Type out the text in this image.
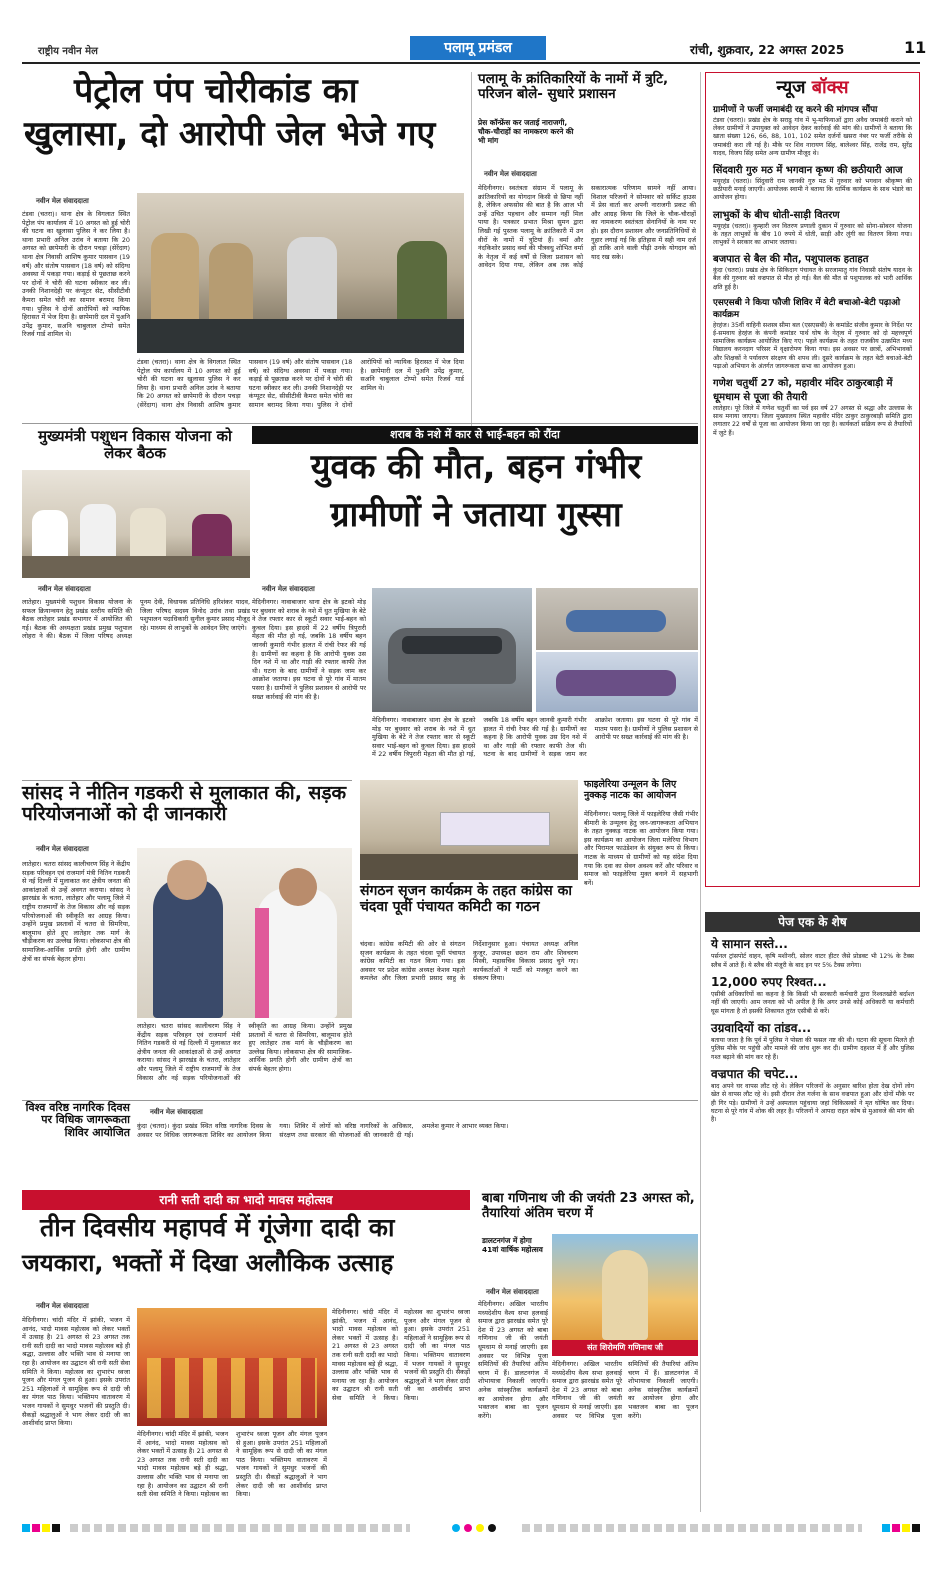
राष्ट्रीय नवीन मेल	पलामू प्रमंडल	रांची, शुक्रवार, 22 अगस्त 2025	11
पेट्रोल पंप चोरीकांड का
खुलासा, दो आरोपी जेल भेजे गए
नवीन मेल संवाददाता
टंडवा (चतरा)। थाना क्षेत्र के विगलात स्थित पेट्रोल पंप कार्यालय में 10 अगस्त को हुई चोरी की घटना का खुलासा पुलिस ने कर लिया है। थाना प्रभारी अनिल उरांव ने बताया कि 20 अगस्त को छापेमारी के दौरान पचड़ा (सेरेंदाग) थाना क्षेत्र निवासी आशिष कुमार पासवान (19 वर्ष) और संतोष पासवान (18 वर्ष) को संदिग्ध अवस्था में पकड़ा गया। कड़ाई से पूछताछ करने पर दोनों ने चोरी की घटना स्वीकार कर ली। उनकी निशानदेही पर कंप्यूटर सेट, सीसीटीवी कैमरा समेत चोरी का सामान बरामद किया गया। पुलिस ने दोनों आरोपियों को न्यायिक हिरासत में भेज दिया है। छापेमारी दल में पुअनि उपेंद्र कुमार, सअनि चाबुलाल टोप्पो समेत रिजर्व गार्ड शामिल थे।
टंडवा (चतरा)। थाना क्षेत्र के विगलात स्थित पेट्रोल पंप कार्यालय में 10 अगस्त को हुई चोरी की घटना का खुलासा पुलिस ने कर लिया है। थाना प्रभारी अनिल उरांव ने बताया कि 20 अगस्त को छापेमारी के दौरान पचड़ा (सेरेंदाग) थाना क्षेत्र निवासी आशिष कुमार पासवान (19 वर्ष) और संतोष पासवान (18 वर्ष) को संदिग्ध अवस्था में पकड़ा गया। कड़ाई से पूछताछ करने पर दोनों ने चोरी की घटना स्वीकार कर ली। उनकी निशानदेही पर कंप्यूटर सेट, सीसीटीवी कैमरा समेत चोरी का सामान बरामद किया गया। पुलिस ने दोनों आरोपियों को न्यायिक हिरासत में भेज दिया है। छापेमारी दल में पुअनि उपेंद्र कुमार, सअनि चाबुलाल टोप्पो समेत रिजर्व गार्ड शामिल थे।
पलामू के क्रांतिकारियों के नामों में त्रुटि, परिजन बोले- सुधारे प्रशासन
प्रेस कॉन्फ्रेंस कर जताई नाराजगी, चौक-चौराहों का नामकरण करने की भी मांग
नवीन मेल संवाददाता
मेदिनीनगर। स्वतंत्रता संग्राम में पलामू के क्रांतिकारियों का योगदान किसी से छिपा नहीं है, लेकिन अफसोस की बात है कि आज भी उन्हें उचित पहचान और सम्मान नहीं मिल पाया है। पत्रकार प्रभात मिश्रा सुमन द्वारा लिखी गई पुस्तक पलामू के क्रांतिकारी में उन वीरों के नामों में त्रुटियां हैं। वर्मा और नंदकिशोर प्रसाद वर्मा की पौत्रवधु शोभित वर्मा के नेतृत्व में कई वर्षों से जिला प्रशासन को आवेदन दिया गया, लेकिन अब तक कोई सकारात्मक परिणाम सामने नहीं आया। विशाल परिजनों ने सोमवार को सर्किट हाउस में प्रेस वार्ता कर अपनी नाराजगी प्रकट की और आग्रह किया कि जिले के चौक-चौराहों का नामकरण स्वतंत्रता सेनानियों के नाम पर हो। इस दौरान प्रशासन और जनप्रतिनिधियों से गुहार लगाई गई कि इतिहास में सही नाम दर्ज हों ताकि आने वाली पीढ़ी उनके योगदान को याद रख सके।
न्यूज बॉक्स
ग्रामीणों ने फर्जी जमाबंदी रद्द करने की मांगपत्र सौंपा
टंडवा (चतरा)। प्रखंड क्षेत्र के सराढु गांव में भू-माफियाओं द्वारा अवैध जमाबंदी कराने को लेकर ग्रामीणों ने उपायुक्त को आवेदन देकर कार्रवाई की मांग की। ग्रामीणों ने बताया कि खाता संख्या 126, 66, 88, 101, 102 समेत दर्जनों खसरा नंबर पर फर्जी तरीके से जमाबंदी करा ली गई है। मौके पर शिव नारायण सिंह, बालेश्वर सिंह, राजेंद्र राम, सुरेंद्र यादव, विजय सिंह समेत अन्य ग्रामीण मौजूद थे।
सिंदवारी गुरु मठ में भगवान कृष्ण की छठीयारी आज
मयूरहंड (चतरा)। सिंदुवारी राम जानकी गुरु मठ में गुरुवार को भगवान श्रीकृष्ण की छठीयारी मनाई जाएगी। आयोजक स्वामी ने बताया कि धार्मिक कार्यक्रम के साथ भंडारे का आयोजन होगा।
लाभुकों के बीच धोती-साड़ी वितरण
मयूरहंड (चतरा)। कुम्हारी जन वितरण प्रणाली दुकान में गुरुवार को सोना-सोबरन योजना के तहत लाभुकों के बीच 10 रुपये में धोती, साड़ी और लुंगी का वितरण किया गया। लाभुकों ने सरकार का आभार जताया।
बजपात से बैल की मौत, पशुपालक हताहत
कुंदा (चतरा)। प्रखंड क्षेत्र के सिकिदाग पंचायत के सरजामातु गांव निवासी संतोष यादव के बैल की गुरुवार को वज्रपात से मौत हो गई। बैल की मौत से पशुपालक को भारी आर्थिक क्षति हुई है।
एसएसबी ने किया फौजी शिविर में बेटी बचाओ-बेटी पढ़ाओ कार्यक्रम
हेरहंज। 35वीं वाहिनी सशस्त्र सीमा बल (एसएसबी) के कमांडेंट संजीव कुमार के निर्देश पर ई-समवाय हेरहंज के कंपनी कमांडर पार्थ घोष के नेतृत्व में गुरुवार को दो महत्त्वपूर्ण सामाजिक कार्यक्रम आयोजित किए गए। पहले कार्यक्रम के तहत राजकीय उत्क्रमित मध्य विद्यालय करनदाग परिसर में वृक्षारोपण किया गया। इस अवसर पर छात्रों, अभिभावकों और शिक्षकों ने पर्यावरण संरक्षण की शपथ ली। दूसरे कार्यक्रम के तहत बेटी बचाओ-बेटी पढ़ाओ अभियान के अंतर्गत जागरूकता सभा का आयोजन हुआ।
गणेश चतुर्थी 27 को, महावीर मंदिर ठाकुरबाड़ी में धूमधाम से पूजा की तैयारी
लातेहार। पूरे जिले में गणेश चतुर्थी का पर्व इस वर्ष 27 अगस्त से श्रद्धा और उल्लास के साथ मनाया जाएगा। जिला मुख्यालय स्थित महावीर मंदिर ठाकुर ठाकुरबाड़ी समिति द्वारा लगातार 22 वर्षों से पूजा का आयोजन किया जा रहा है। कार्यकर्ता सक्रिय रूप से तैयारियों में जुटे हैं।
मुख्यमंत्री पशुधन विकास योजना को लेकर बैठक
नवीन मेल संवाददाता
लातेहार। मुख्यमंत्री पशुधन विकास योजना के सफल क्रियान्वयन हेतु प्रखंड स्तरीय समिति की बैठक लातेहार प्रखंड सभागार में आयोजित की गई। बैठक की अध्यक्षता प्रखंड प्रमुख पशुपाल लोहरा ने की। बैठक में जिला परिषद अध्यक्ष पूनम देवी, विधायक प्रतिनिधि हरिशंकर यादव, जिला परिषद सदस्य विनोद उरांव तथा प्रखंड पशुपालन पदाधिकारी सुनील कुमार प्रसाद मौजूद रहे। माध्यम से लाभुकों के आवेदन लिए जाएंगे।
शराब के नशे में कार से भाई-बहन को रौंदा
युवक की मौत, बहन गंभीर
ग्रामीणों ने जताया गुस्सा
नवीन मेल संवाददाता
मेदिनीनगर। नावाबाजार थाना क्षेत्र के इटको मोड़ पर बुधवार को शराब के नशे में धुत मुखिया के बेटे ने तेज रफ्तार कार से स्कूटी सवार भाई-बहन को कुचल दिया। इस हादसे में 22 वर्षीय त्रिपुरारी मेहता की मौत हो गई, जबकि 18 वर्षीय बहन जानवी कुमारी गंभीर हालत में रांची रेफर की गई है। ग्रामीणों का कहना है कि आरोपी युवक उस दिन नशे में था और गाड़ी की रफ्तार काफी तेज थी। घटना के बाद ग्रामीणों ने सड़क जाम कर आक्रोश जताया। इस घटना से पूरे गांव में मातम पसरा है। ग्रामीणों ने पुलिस प्रशासन से आरोपी पर सख्त कार्रवाई की मांग की है।
मेदिनीनगर। नावाबाजार थाना क्षेत्र के इटको मोड़ पर बुधवार को शराब के नशे में धुत मुखिया के बेटे ने तेज रफ्तार कार से स्कूटी सवार भाई-बहन को कुचल दिया। इस हादसे में 22 वर्षीय त्रिपुरारी मेहता की मौत हो गई, जबकि 18 वर्षीय बहन जानवी कुमारी गंभीर हालत में रांची रेफर की गई है। ग्रामीणों का कहना है कि आरोपी युवक उस दिन नशे में था और गाड़ी की रफ्तार काफी तेज थी। घटना के बाद ग्रामीणों ने सड़क जाम कर आक्रोश जताया। इस घटना से पूरे गांव में मातम पसरा है। ग्रामीणों ने पुलिस प्रशासन से आरोपी पर सख्त कार्रवाई की मांग की है।
सांसद ने नीतिन गडकरी से मुलाकात की, सड़क परियोजनाओं को दी जानकारी
नवीन मेल संवाददाता
लातेहार। चतरा सांसद कालीचरण सिंह ने केंद्रीय सड़क परिवहन एवं राजमार्ग मंत्री नितिन गडकरी से नई दिल्ली में मुलाकात कर क्षेत्रीय जनता की आकांक्षाओं से उन्हें अवगत कराया। सांसद ने झारखंड के चतरा, लातेहार और पलामू जिले में राष्ट्रीय राजमार्गों के तेज विकास और नई सड़क परियोजनाओं की स्वीकृति का आग्रह किया। उन्होंने प्रमुख प्रस्तावों में चतरा से सिमरिया, बालूमाथ होते हुए लातेहार तक मार्ग के चौड़ीकरण का उल्लेख किया। लोकसभा क्षेत्र की सामाजिक-आर्थिक प्रगति होगी और ग्रामीण क्षेत्रों का संपर्क बेहतर होगा।
लातेहार। चतरा सांसद कालीचरण सिंह ने केंद्रीय सड़क परिवहन एवं राजमार्ग मंत्री नितिन गडकरी से नई दिल्ली में मुलाकात कर क्षेत्रीय जनता की आकांक्षाओं से उन्हें अवगत कराया। सांसद ने झारखंड के चतरा, लातेहार और पलामू जिले में राष्ट्रीय राजमार्गों के तेज विकास और नई सड़क परियोजनाओं की स्वीकृति का आग्रह किया। उन्होंने प्रमुख प्रस्तावों में चतरा से सिमरिया, बालूमाथ होते हुए लातेहार तक मार्ग के चौड़ीकरण का उल्लेख किया। लोकसभा क्षेत्र की सामाजिक-आर्थिक प्रगति होगी और ग्रामीण क्षेत्रों का संपर्क बेहतर होगा।
संगठन सृजन कार्यक्रम के तहत कांग्रेस का चंदवा पूर्वी पंचायत कमिटी का गठन
चंदवा। कांग्रेस कमिटी की ओर से संगठन सृजन कार्यक्रम के तहत चंदवा पूर्वी पंचायत कांग्रेस कमिटी का गठन किया गया। इस अवसर पर प्रदेश कांग्रेस अध्यक्ष केशव महतो कमलेश और जिला प्रभारी प्रसाद साहु के निर्देशानुसार हुआ। पंचायत अध्यक्ष अनिल कुजूर, उपाध्यक्ष छठन राम और शिवचरण मिस्त्री, महासचिव विकास प्रसाद चुने गए। कार्यकर्ताओं ने पार्टी को मजबूत करने का संकल्प लिया।
फाइलेरिया उन्मूलन के लिए नुक्कड़ नाटक का आयोजन
मेदिनीनगर। पलामू जिले में फाइलेरिया जैसी गंभीर बीमारी के उन्मूलन हेतु जन-जागरूकता अभियान के तहत नुक्कड़ नाटक का आयोजन किया गया। इस कार्यक्रम का आयोजन जिला मलेरिया विभाग और पिरामल फाउंडेशन के संयुक्त रूप से किया। नाटक के माध्यम से ग्रामीणों को यह संदेश दिया गया कि दवा का सेवन अवश्य करें और परिवार व समाज को फाइलेरिया मुक्त बनाने में सहभागी बनें।
विश्व वरिष्ठ नागरिक दिवस पर विधिक जागरूकता शिविर आयोजित
नवीन मेल संवाददाता
कुंदा (चतरा)। कुंदा प्रखंड स्थित वरिष्ठ नागरिक दिवस के अवसर पर विधिक जागरूकता शिविर का आयोजन किया गया। शिविर में लोगों को वरिष्ठ नागरिकों के अधिकार, संरक्षण तथा सरकार की योजनाओं की जानकारी दी गई। अमलेश कुमार ने आभार व्यक्त किया।
रानी सती दादी का भादो मावस महोत्सव
तीन दिवसीय महापर्व में गूंजेगा दादी का
जयकारा, भक्तों में दिखा अलौकिक उत्साह
नवीन मेल संवाददाता
मेदिनीनगर। चांदी मंदिर में झांकी, भजन में आनंद, भादो मावस महोत्सव को लेकर भक्तों में उत्साह है। 21 अगस्त से 23 अगस्त तक रानी सती दादी का भादो मावस महोत्सव बड़े ही श्रद्धा, उल्लास और भक्ति भाव से मनाया जा रहा है। आयोजन का उद्घाटन श्री रानी सती सेवा समिति ने किया। महोत्सव का शुभारंभ ध्वजा पूजन और मंगल पूजन से हुआ। इसके उपरांत 251 महिलाओं ने सामूहिक रूप से दादी जी का मंगल पाठ किया। भक्तिमय वातावरण में भजन गायकों ने सुमधुर भजनों की प्रस्तुति दी। सैकड़ों श्रद्धालुओं ने भाग लेकर दादी जी का आशीर्वाद प्राप्त किया।
मेदिनीनगर। चांदी मंदिर में झांकी, भजन में आनंद, भादो मावस महोत्सव को लेकर भक्तों में उत्साह है। 21 अगस्त से 23 अगस्त तक रानी सती दादी का भादो मावस महोत्सव बड़े ही श्रद्धा, उल्लास और भक्ति भाव से मनाया जा रहा है। आयोजन का उद्घाटन श्री रानी सती सेवा समिति ने किया। महोत्सव का शुभारंभ ध्वजा पूजन और मंगल पूजन से हुआ। इसके उपरांत 251 महिलाओं ने सामूहिक रूप से दादी जी का मंगल पाठ किया। भक्तिमय वातावरण में भजन गायकों ने सुमधुर भजनों की प्रस्तुति दी। सैकड़ों श्रद्धालुओं ने भाग लेकर दादी जी का आशीर्वाद प्राप्त किया।
मेदिनीनगर। चांदी मंदिर में झांकी, भजन में आनंद, भादो मावस महोत्सव को लेकर भक्तों में उत्साह है। 21 अगस्त से 23 अगस्त तक रानी सती दादी का भादो मावस महोत्सव बड़े ही श्रद्धा, उल्लास और भक्ति भाव से मनाया जा रहा है। आयोजन का उद्घाटन श्री रानी सती सेवा समिति ने किया। महोत्सव का शुभारंभ ध्वजा पूजन और मंगल पूजन से हुआ। इसके उपरांत 251 महिलाओं ने सामूहिक रूप से दादी जी का मंगल पाठ किया। भक्तिमय वातावरण में भजन गायकों ने सुमधुर भजनों की प्रस्तुति दी। सैकड़ों श्रद्धालुओं ने भाग लेकर दादी जी का आशीर्वाद प्राप्त किया।
बाबा गणिनाथ जी की जयंती 23 अगस्त को, तैयारियां अंतिम चरण में
डालटनगंज में होगा 41वां वार्षिक महोत्सव
नवीन मेल संवाददाता
संत शिरोमणि गणिनाथ जी
मेदिनीनगर। अखिल भारतीय मध्यदेशीय वैश्य सभा हलवाई समाज द्वारा झारखंड समेत पूरे देश में 23 अगस्त को बाबा गणिनाथ जी की जयंती धूमधाम से मनाई जाएगी। इस अवसर पर विभिन्न पूजा समितियों की तैयारियां अंतिम चरण में हैं। डालटनगंज में शोभायात्रा निकाली जाएगी। अनेक सांस्कृतिक कार्यक्रमों का आयोजन होगा और भक्तजन बाबा का पूजन करेंगे।
मेदिनीनगर। अखिल भारतीय मध्यदेशीय वैश्य सभा हलवाई समाज द्वारा झारखंड समेत पूरे देश में 23 अगस्त को बाबा गणिनाथ जी की जयंती धूमधाम से मनाई जाएगी। इस अवसर पर विभिन्न पूजा समितियों की तैयारियां अंतिम चरण में हैं। डालटनगंज में शोभायात्रा निकाली जाएगी। अनेक सांस्कृतिक कार्यक्रमों का आयोजन होगा और भक्तजन बाबा का पूजन करेंगे।
पेज एक के शेष
ये सामान सस्ते...
पर्सनल ट्रांसपोर्ट वाहन, कृषि मशीनरी, सोलर वाटर हीटर जैसे प्रोडक्ट भी 12% के टैक्स स्लैब में आते हैं। ये स्लैब की मंजूरी के बाद इन पर 5% टैक्स लगेगा।
12,000 रुपए रिश्वत...
एसीबी अधिकारियों का कहना है कि किसी भी सरकारी कर्मचारी द्वारा रिश्वतखोरी बर्दाश्त नहीं की जाएगी। आम जनता को भी अपील है कि अगर उनसे कोई अधिकारी या कर्मचारी घूस मांगता है तो इसकी शिकायत तुरंत एसीबी से करें।
उग्रवादियों का तांडव...
बताया जाता है कि पूर्व में पुलिस ने पोस्ता की फसल नष्ट की थी। घटना की सूचना मिलते ही पुलिस मौके पर पहुंची और मामले की जांच शुरू कर दी। ग्रामीण दहशत में हैं और पुलिस गश्त बढ़ाने की मांग कर रहे हैं।
वज्रपात की चपेट...
बाद अपने घर वापस लौट रहे थे। लेकिन परिजनों के अनुसार बारिश होता देख दोनों लोग खेत से वापस लौट रहे थे। इसी दौरान तेज गर्जना के साथ वज्रपात हुआ और दोनों मौके पर ही गिर पड़े। ग्रामीणों ने उन्हें अस्पताल पहुंचाया जहां चिकित्सकों ने मृत घोषित कर दिया। घटना से पूरे गांव में शोक की लहर है। परिजनों ने आपदा राहत कोष से मुआवजे की मांग की है।
